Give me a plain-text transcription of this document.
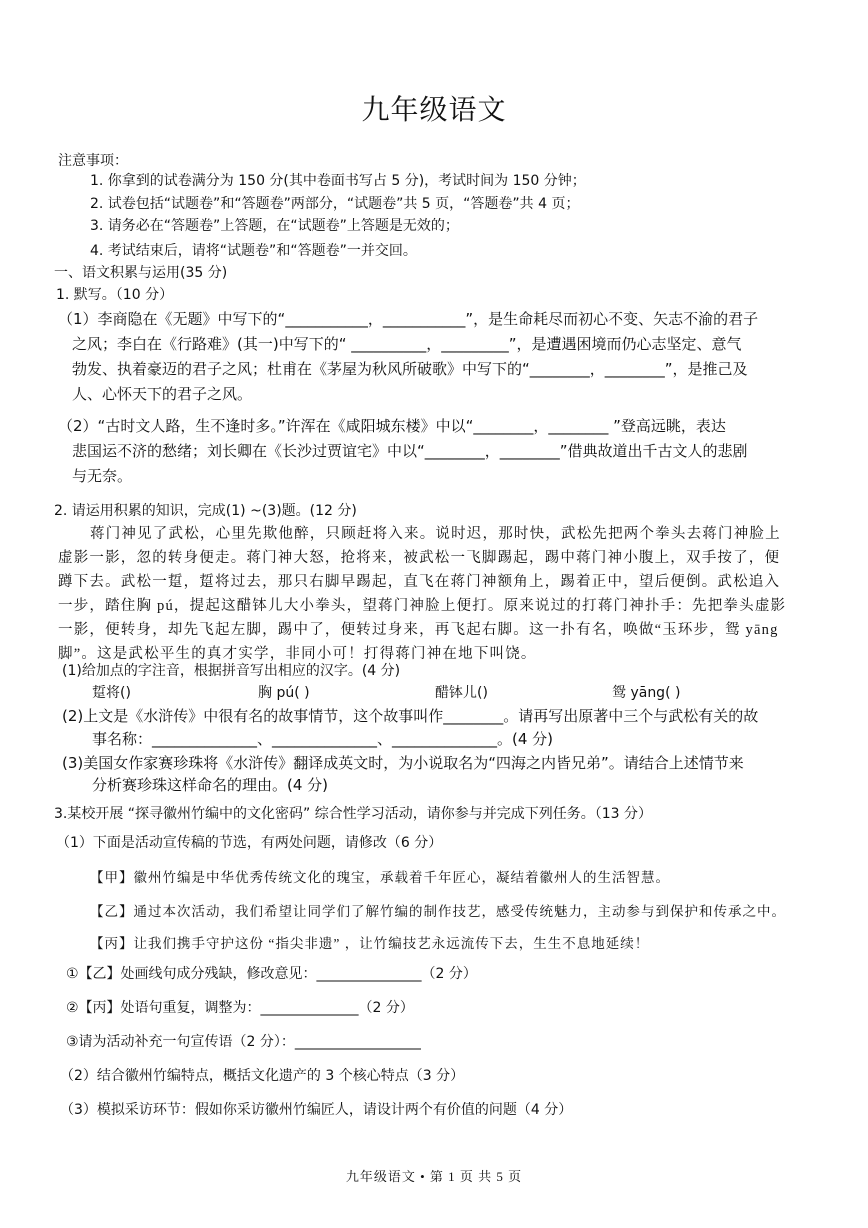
九年级语文
注意事项：
1. 你拿到的试卷满分为 150 分(其中卷面书写占 5 分)，考试时间为 150 分钟；
2. 试卷包括“试题卷”和“答题卷”两部分，“试题卷”共 5 页，“答题卷”共 4 页；
3. 请务必在“答题卷”上答题，在“试题卷”上答题是无效的；
4. 考试结束后，请将“试题卷”和“答题卷”一并交回。
一、语文积累与运用(35 分)
1. 默写。（10 分）
（1）李商隐在《无题》中写下的“___________，___________”，是生命耗尽而初心不变、矢志不渝的君子
之风；李白在《行路难》(其一)中写下的“ __________，_________”，是遭遇困境而仍心志坚定、意气
勃发、执着豪迈的君子之风；杜甫在《茅屋为秋风所破歌》中写下的“________，________”，是推己及
人、心怀天下的君子之风。
（2）“古时文人路，生不逢时多。”许浑在《咸阳城东楼》中以“________，________ ”登高远眺，表达
悲国运不济的愁绪；刘长卿在《长沙过贾谊宅》中以“________，________”借典故道出千古文人的悲剧
与无奈。
2. 请运用积累的知识，完成(1) ~(3)题。(12 分)
蒋门神见了武松，心里先欺他醉，只顾赶将入来。说时迟，那时快，武松先把两个拳头去蒋门神脸上
虚影一影，忽的转身便走。蒋门神大怒，抢将来，被武松一飞脚踢起，踢中蒋门神小腹上，双手按了，便
蹲下去。武松一踅，踅将过去，那只右脚早踢起，直飞在蒋门神额角上，踢着正中，望后便倒。武松追入
一步，踏住胸 pú，提起这醋钵儿大小拳头，望蒋门神脸上便打。原来说过的打蒋门神扑手：先把拳头虚影
一影，便转身，却先飞起左脚，踢中了，便转过身来，再飞起右脚。这一扑有名，唤做“玉环步，鸳 yāng
脚”。这是武松平生的真才实学，非同小可！打得蒋门神在地下叫饶。
(1)给加点的字注音，根据拼音写出相应的汉字。(4 分)
踅将()	胸 pú( )	醋钵儿()	鸳 yāng( )
(2)上文是《水浒传》中很有名的故事情节，这个故事叫作________。请再写出原著中三个与武松有关的故
事名称：______________、______________、______________。(4 分)
(3)美国女作家赛珍珠将《水浒传》翻译成英文时，为小说取名为“四海之内皆兄弟”。请结合上述情节来
分析赛珍珠这样命名的理由。(4 分)
3.某校开展 “探寻徽州竹编中的文化密码” 综合性学习活动，请你参与并完成下列任务。（13 分）
（1）下面是活动宣传稿的节选，有两处问题，请修改（6 分）
【甲】徽州竹编是中华优秀传统文化的瑰宝，承载着千年匠心，凝结着徽州人的生活智慧。
【乙】通过本次活动，我们希望让同学们了解竹编的制作技艺，感受传统魅力，主动参与到保护和传承之中。
【丙】让我们携手守护这份 “指尖非遗” ，让竹编技艺永远流传下去，生生不息地延续！
①【乙】处画线句成分残缺，修改意见：_______________（2 分）
②【丙】处语句重复，调整为：______________（2 分）
③请为活动补充一句宣传语（2 分）：__________________
（2）结合徽州竹编特点，概括文化遗产的 3 个核心特点（3 分）
（3）模拟采访环节：假如你采访徽州竹编匠人，请设计两个有价值的问题（4 分）
九年级语文 • 第 1 页 共 5 页
